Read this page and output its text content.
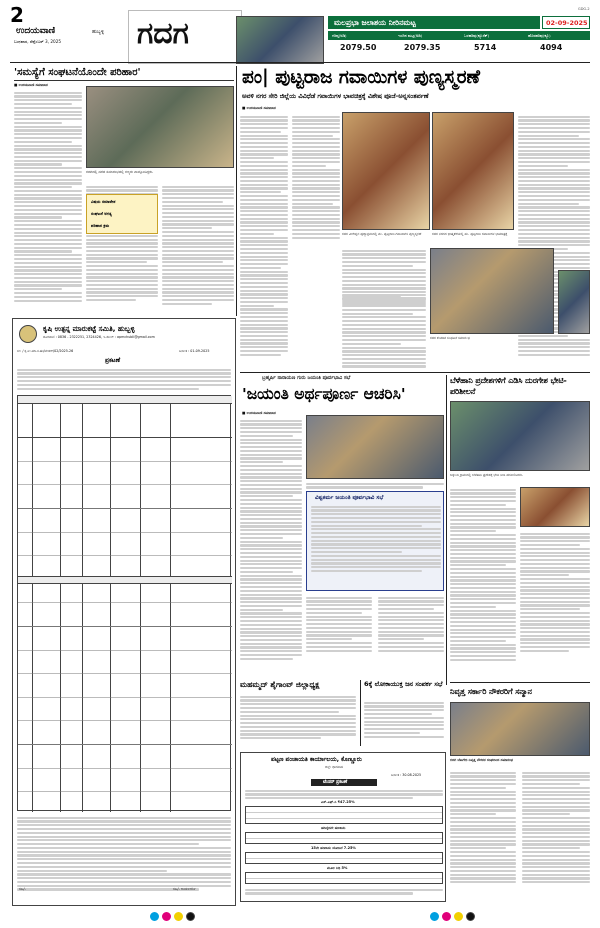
2
ಉದಯವಾಣಿ	ಹುಬ್ಬಳ್ಳಿ
ಬುಧವಾರ, ಸೆಪ್ಟೆಂಬರ್ 3, 2025	ಗದಗ	ಮಲಪ್ರಭಾ ಜಲಾಶಯ ನೀರಿನಮಟ್ಟ	02-09-2025
GDG-2
ಗರಿಷ್ಠ(ಅಡಿ)	ಇಂದಿನ ಮಟ್ಟ(ಅಡಿ)	ಒಳಹರಿವು(ಕ್ಯೂಸೆಕ್)	ಹೊರಹರಿವು(ಕ್ಯೂ)
2079.50	2079.35	5714	4094
'ಸಮಸ್ಯೆಗೆ ಸಂಘಟನೆಯೊಂದೇ ಪರಿಹಾರ'
■ ಉದಯವಾಣಿ ಸಮಾಚಾರ
ಗದಗದಲ್ಲಿ ನಡೆದ ಸಮಾರಂಭದಲ್ಲಿ ಗಣ್ಯರು ಪಾಲ್ಗೊಂಡಿದ್ದರು.
ವಿಷಯ ಸಮಾವೇಶ
ಸಂಘಟನೆ ಅಗತ್ಯ
ಪರಿಹಾರ ಕ್ರಮ
ಪಂ| ಪುಟ್ಟರಾಜ ಗವಾಯಿಗಳ ಪುಣ್ಯಸ್ಮರಣೆ
ಅವಳಿ ನಗರ ಸೇರಿ ಜಿಲ್ಲೆಯ ವಿವಿಧೆಡೆ ಗವಾಯಿಗಳ ಭಾವಚಿತ್ರಕ್ಕೆ ವಿಶೇಷ ಪೂಜೆ-ಅನ್ನಸಂತರ್ಪಣೆ
■ ಉದಯವಾಣಿ ಸಮಾಚಾರ
ಗದಗ ವೀರೇಶ್ವರ ಪುಣ್ಯಾಶ್ರಮದಲ್ಲಿ ಪಂ. ಪುಟ್ಟರಾಜ ಗವಾಯಿಗಳ ಪುಣ್ಯಸ್ಮರಣೆ	ಗದಗ ನಗರದ ಭೀಷ್ಮಕೆರೆಯಲ್ಲಿ ಪಂ. ಪುಟ್ಟರಾಜ ಗವಾಯಿಗಳ ಭಾವಚಿತ್ರಕ್ಕೆ
ಗದಗ ಕೆಂಪಡಿಕ ಸಂಘಟನೆ ಸಮಾರಂಭ
ಕೃಷಿ ಉತ್ಪನ್ನ ಮಾರುಕಟ್ಟೆ ಸಮಿತಿ, ಹುಬ್ಬಳ್ಳಿ
ದೂರವಾಣಿ : 0836 - 2322251, 2324426, ಇ-ಮೇಲ್ : apmchubli@gmail.com
ಸಂ: / ಕೃ.ಉ.ಮಾ.ಸ.ಹು/ಟೆಂಡರ್/02/2025-26	ದಿನಾಂಕ : 01-09-2025
ಪ್ರಕಟಣೆ
ಸಹಿ/-	ಸಹಿ/- ಕಾರ್ಯದರ್ಶಿ
ಬ್ರಹ್ಮರ್ಷಿ ನಾರಾಯಣ ಗುರು ಜಯಂತಿ ಪೂರ್ವಭಾವಿ ಸಭೆ
'ಜಯಂತಿ ಅರ್ಥಪೂರ್ಣ ಆಚರಿಸಿ'
■ ಉದಯವಾಣಿ ಸಮಾಚಾರ
ವಿಶ್ವಕರ್ಮ ಜಯಂತಿ ಪೂರ್ವಭಾವಿ ಸಭೆ
ಮಹಮ್ಮದ್ ಶೈಗಾಂವ್ ಜಿಲ್ಲಾಧ್ಯಕ್ಷ	6ಕ್ಕೆ ಲೋಕಾಯುಕ್ತ ಜನ ಸಂಪರ್ಕ ಸಭೆ
ಬೆಳೆಹಾನಿ ಪ್ರದೇಶಗಳಿಗೆ ಎಡಿಸಿ ದುರಗೇಶ ಭೇಟಿ-ಪರಿಶೀಲನೆ
ಲಕ್ಕುಂಡಿ ಗ್ರಾಮದಲ್ಲಿ ಬೆಳೆಹಾನಿ ಪ್ರದೇಶಕ್ಕೆ ಭೇಟಿ ನೀಡಿ ಪರಿಶೀಲಿಸಿದರು.
ನಿವೃತ್ತ ಸರ್ಕಾರಿ ನೌಕರರಿಗೆ ಸನ್ಮಾನ
ಗದಗ ಬೆಟಗೇರಿ ನಿವೃತ್ತ ನೌಕರರ ಸಂಘದಿಂದ ಸಮಾರಂಭ
ಪಟ್ಟಣ ಪಂಚಾಯತಿ ಕಾರ್ಯಾಲಯ, ಕೊಣ್ಣೂರು
ಜಿಲ್ಲೆ: ಧಾರವಾಡ
ದಿನಾಂಕ : 30.08.2025
ಟೆಂಡರ್ ಪ್ರಕಟಣೆ
ಎಸ್.ಎಫ್.ಸಿ ₹47.25%
ಹದಿನೈದನೇ ಹಣಕಾಸು
15ನೇ ಹಣಕಾಸು ಯೋಜನೆ 7.25%
ಮೂಲ ನಿಧಿ 5%
